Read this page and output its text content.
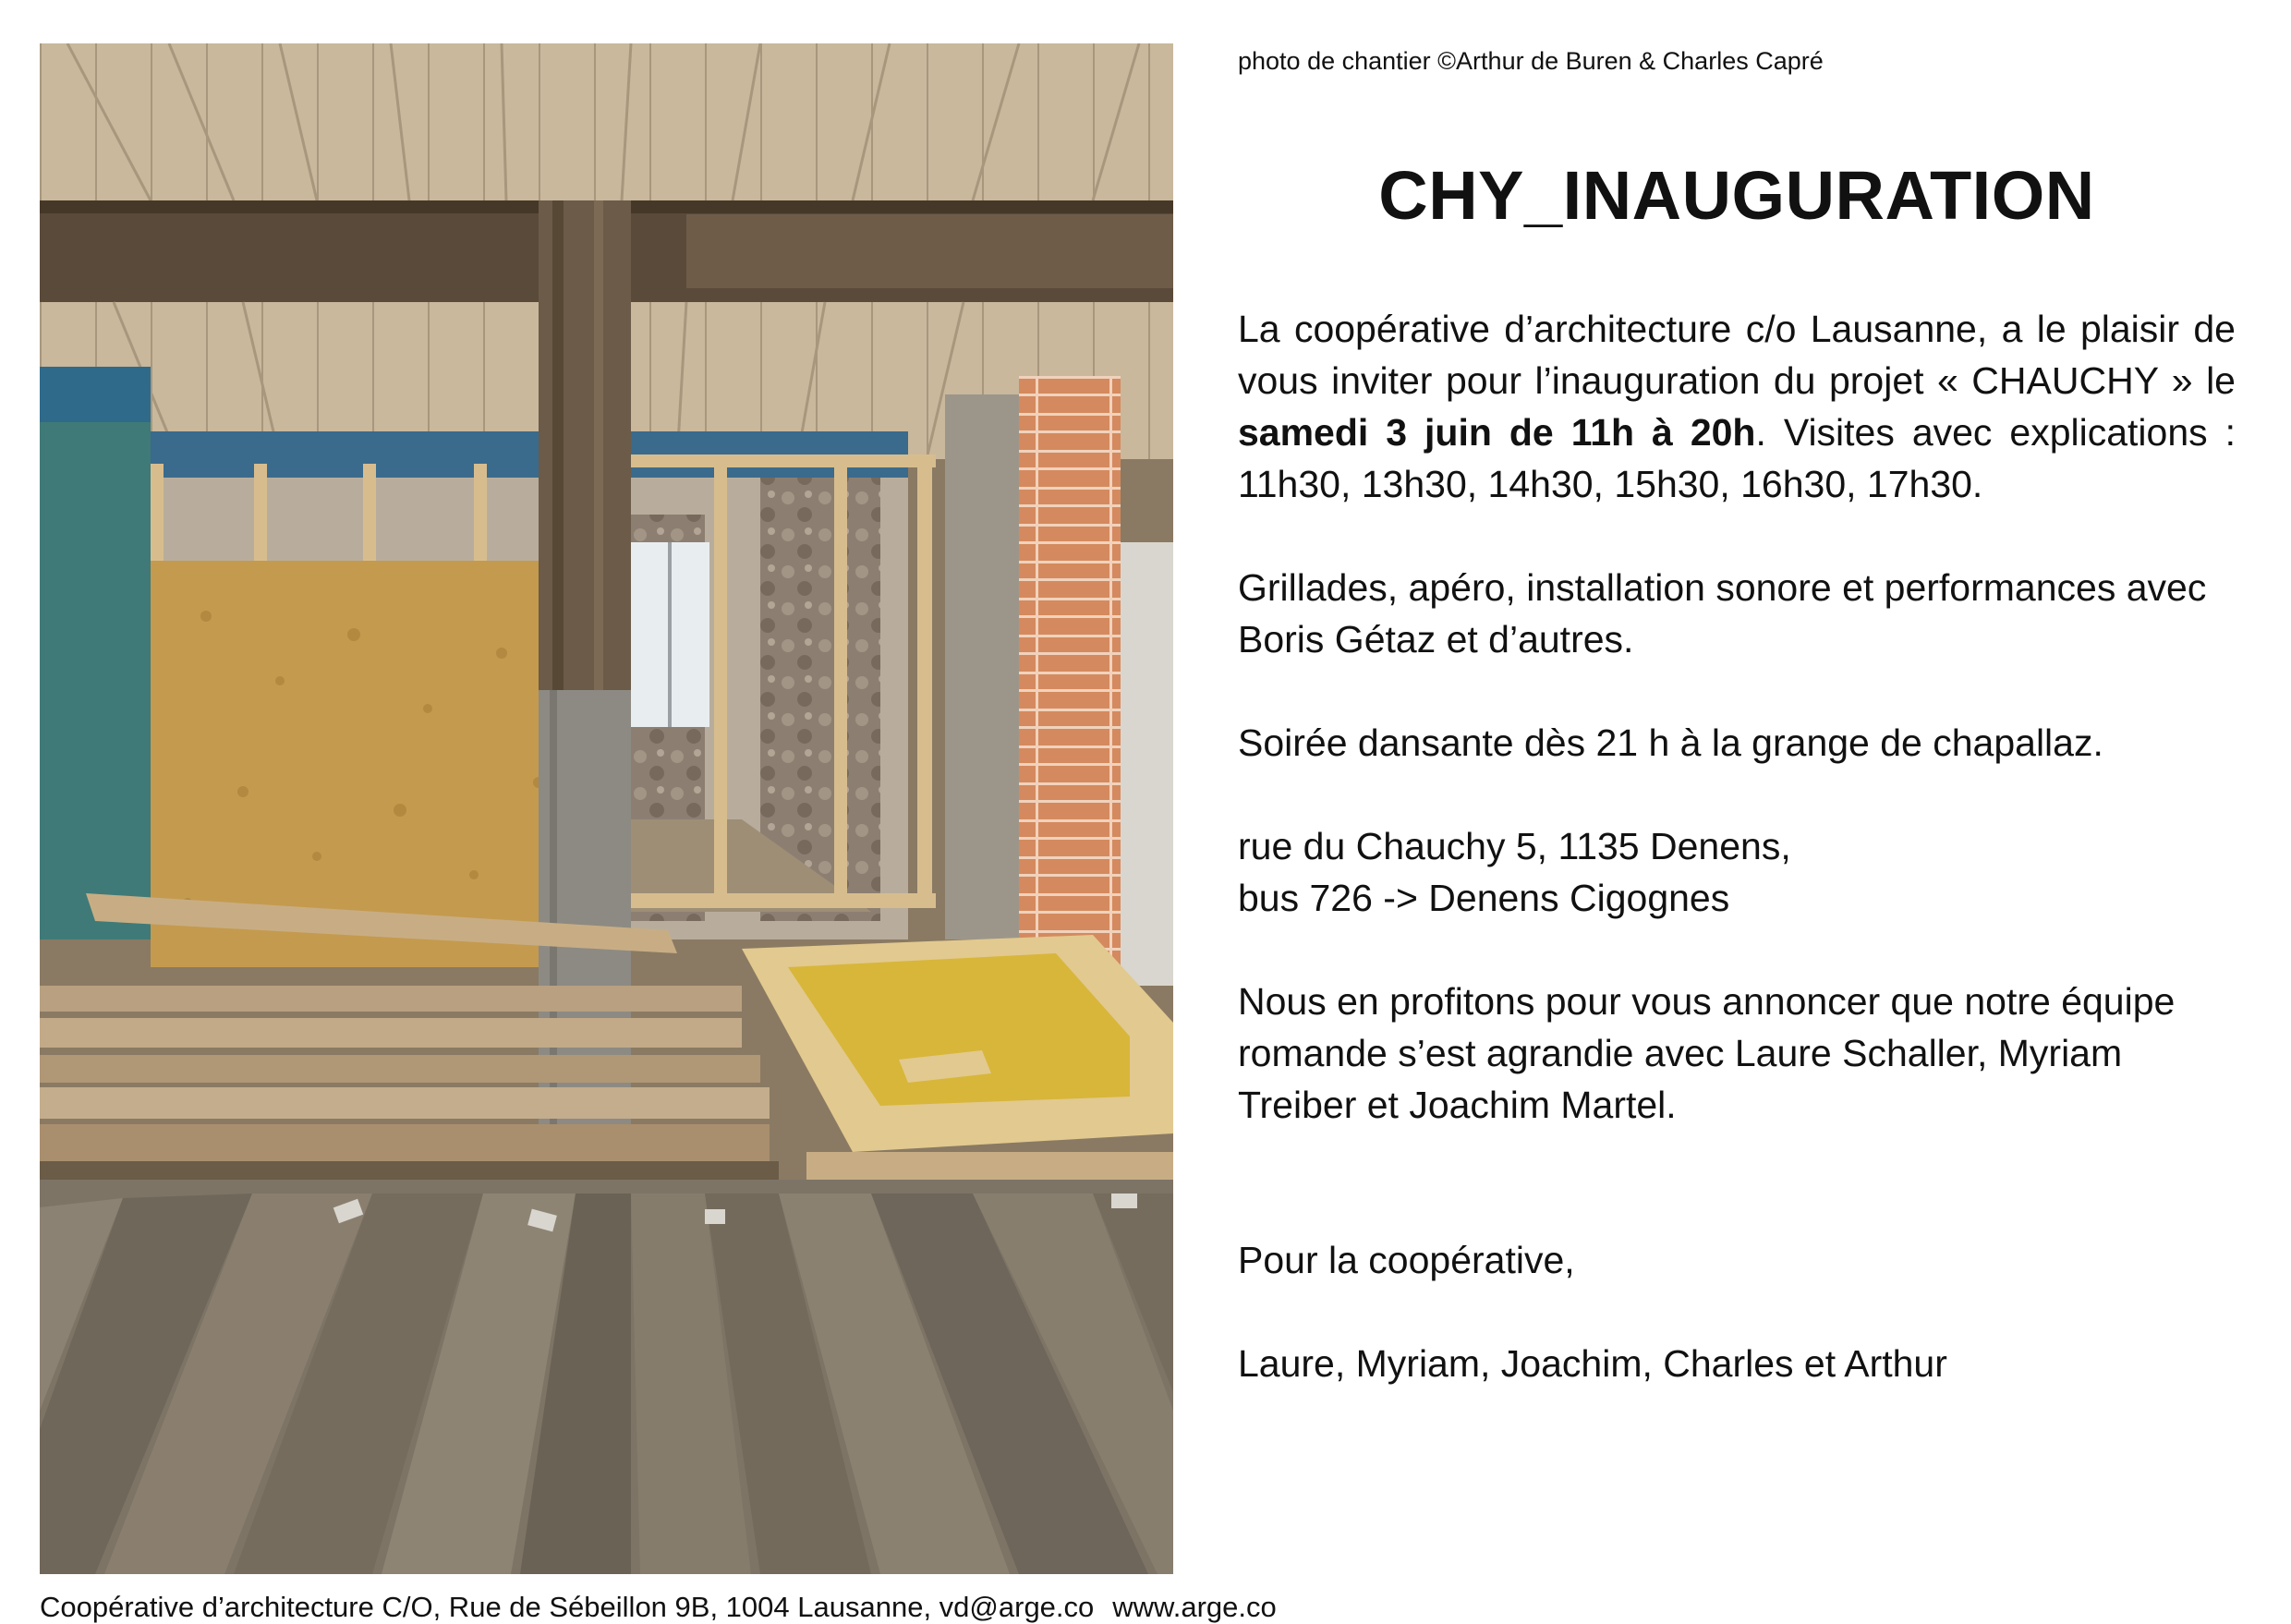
photo de chantier ©Arthur de Buren & Charles Capré
CHY_INAUGURATION

La coopérative d’architecture c/o Lausanne, a le plaisir de vous inviter pour l’inauguration du projet « CHAUCHY » le samedi 3 juin de 11h à 20h. Visites avec explications : 11h30, 13h30, 14h30, 15h30, 16h30, 17h30.

Grillades, apéro, installation sonore et performances avec Boris Gétaz et d’autres.

Soirée dansante dès 21 h à la grange de chapallaz.

rue du Chauchy 5, 1135 Denens,

bus 726 -> Denens Cigognes

Nous en profitons pour vous annoncer que notre équipe romande s’est agrandie avec Laure Schaller, Myriam Treiber et Joachim Martel.

Pour la coopérative,

Laure, Myriam, Joachim, Charles et Arthur

Coopérative d’architecture C/O, Rue de Sébeillon 9B, 1004 Lausanne, vd@arge.co www.arge.co
